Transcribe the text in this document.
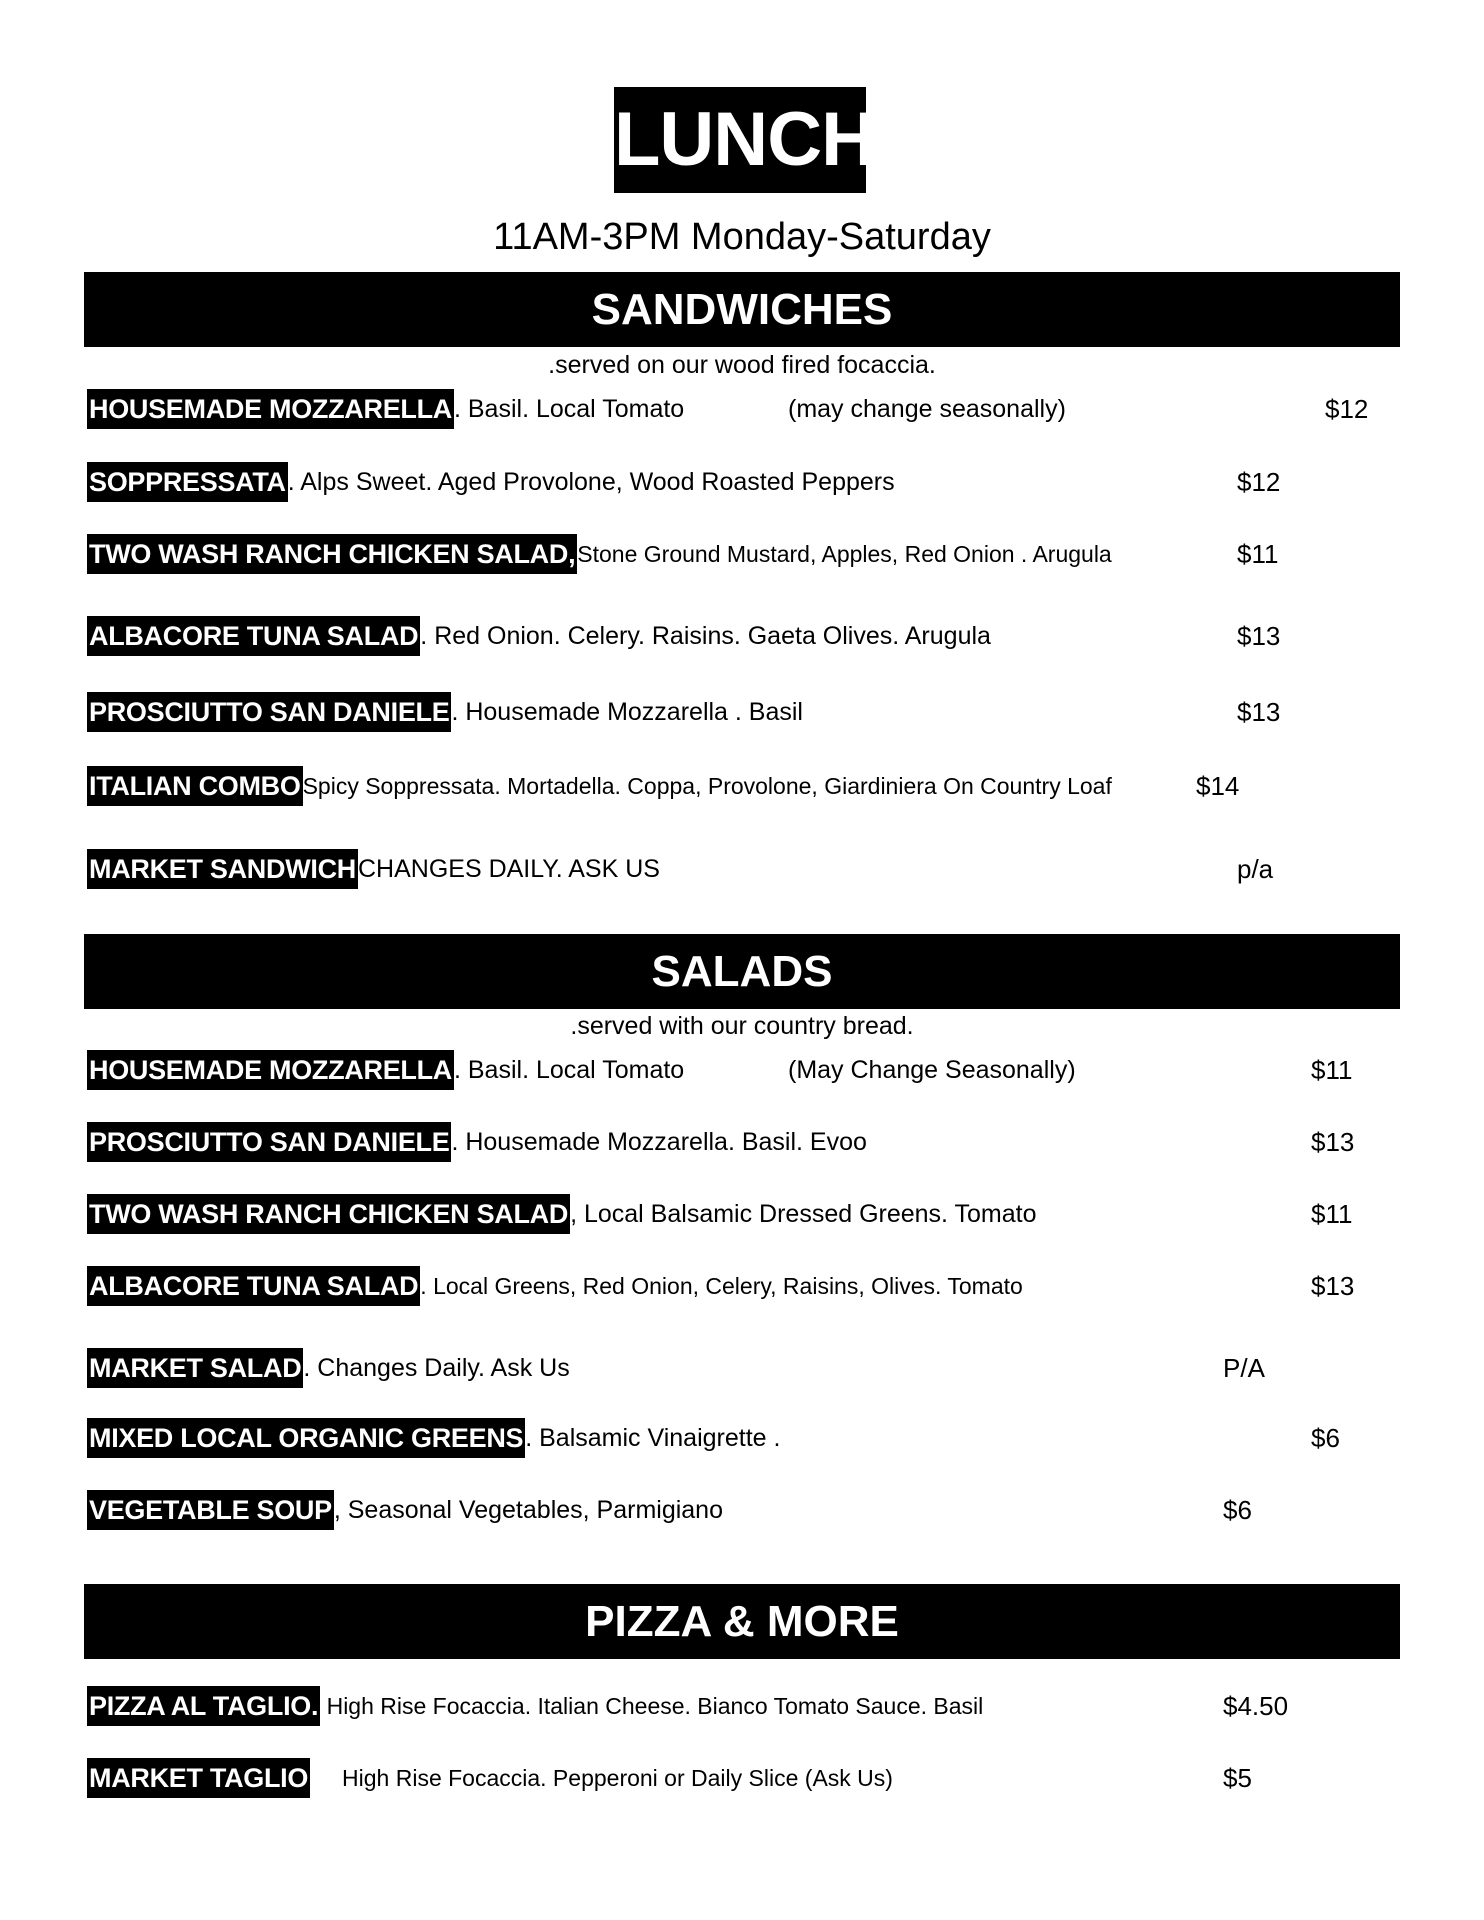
LUNCH
11AM-3PM Monday-Saturday
SANDWICHES
.served on our wood fired focaccia.
HOUSEMADE MOZZARELLA . Basil. Local Tomato	(may change seasonally)	$12
SOPPRESSATA . Alps Sweet. Aged Provolone, Wood Roasted Peppers	$12
TWO WASH RANCH CHICKEN SALAD, Stone Ground Mustard, Apples, Red Onion . Arugula	$11
ALBACORE TUNA SALAD . Red Onion. Celery. Raisins. Gaeta Olives. Arugula	$13
PROSCIUTTO SAN DANIELE . Housemade Mozzarella . Basil	$13
ITALIAN COMBO Spicy Soppressata. Mortadella. Coppa, Provolone, Giardiniera On Country Loaf	$14
MARKET SANDWICH CHANGES DAILY. ASK US	p/a
SALADS
.served with our country bread.
HOUSEMADE MOZZARELLA . Basil. Local Tomato	(May Change Seasonally)	$11
PROSCIUTTO SAN DANIELE . Housemade Mozzarella. Basil. Evoo	$13
TWO WASH RANCH CHICKEN SALAD , Local Balsamic Dressed Greens. Tomato	$11
ALBACORE TUNA SALAD . Local Greens, Red Onion, Celery, Raisins, Olives. Tomato	$13
MARKET SALAD . Changes Daily. Ask Us	P/A
MIXED LOCAL ORGANIC GREENS . Balsamic Vinaigrette .	$6
VEGETABLE SOUP , Seasonal Vegetables, Parmigiano	$6
PIZZA & MORE
PIZZA AL TAGLIO. High Rise Focaccia. Italian Cheese. Bianco Tomato Sauce. Basil	$4.50
MARKET TAGLIO High Rise Focaccia. Pepperoni or Daily Slice (Ask Us)	$5
